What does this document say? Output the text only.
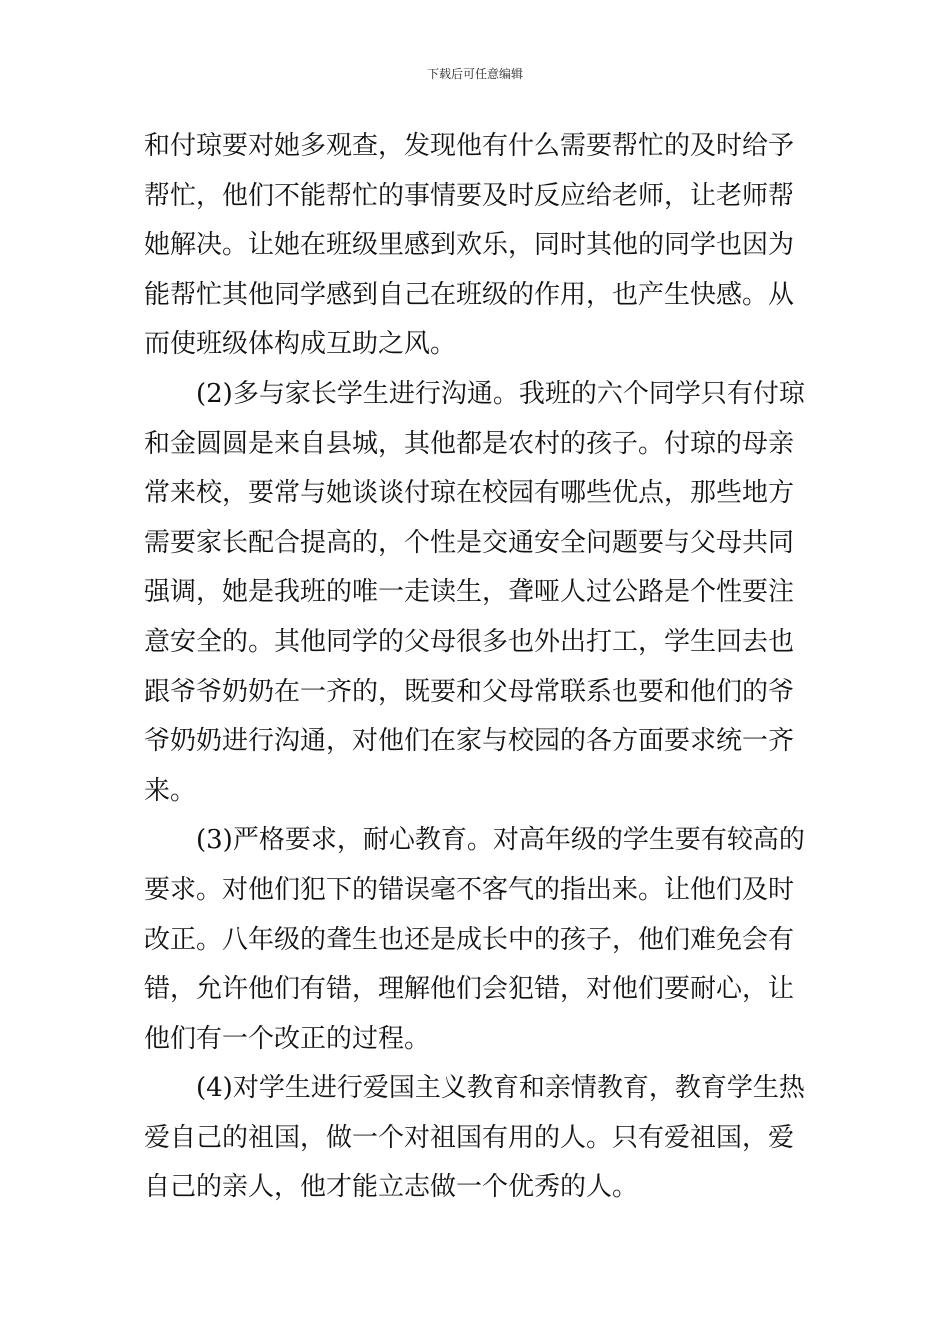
下载后可任意编辑
和付琼要对她多观查，发现他有什么需要帮忙的及时给予
帮忙，他们不能帮忙的事情要及时反应给老师，让老师帮
她解决。让她在班级里感到欢乐，同时其他的同学也因为
能帮忙其他同学感到自己在班级的作用，也产生快感。从
而使班级体构成互助之风。
(2)多与家长学生进行沟通。我班的六个同学只有付琼
和金圆圆是来自县城，其他都是农村的孩子。付琼的母亲
常来校，要常与她谈谈付琼在校园有哪些优点，那些地方
需要家长配合提高的，个性是交通安全问题要与父母共同
强调，她是我班的唯一走读生，聋哑人过公路是个性要注
意安全的。其他同学的父母很多也外出打工，学生回去也
跟爷爷奶奶在一齐的，既要和父母常联系也要和他们的爷
爷奶奶进行沟通，对他们在家与校园的各方面要求统一齐
来。
(3)严格要求，耐心教育。对高年级的学生要有较高的
要求。对他们犯下的错误毫不客气的指出来。让他们及时
改正。八年级的聋生也还是成长中的孩子，他们难免会有
错，允许他们有错，理解他们会犯错，对他们要耐心，让
他们有一个改正的过程。
(4)对学生进行爱国主义教育和亲情教育，教育学生热
爱自己的祖国，做一个对祖国有用的人。只有爱祖国，爱
自己的亲人，他才能立志做一个优秀的人。
